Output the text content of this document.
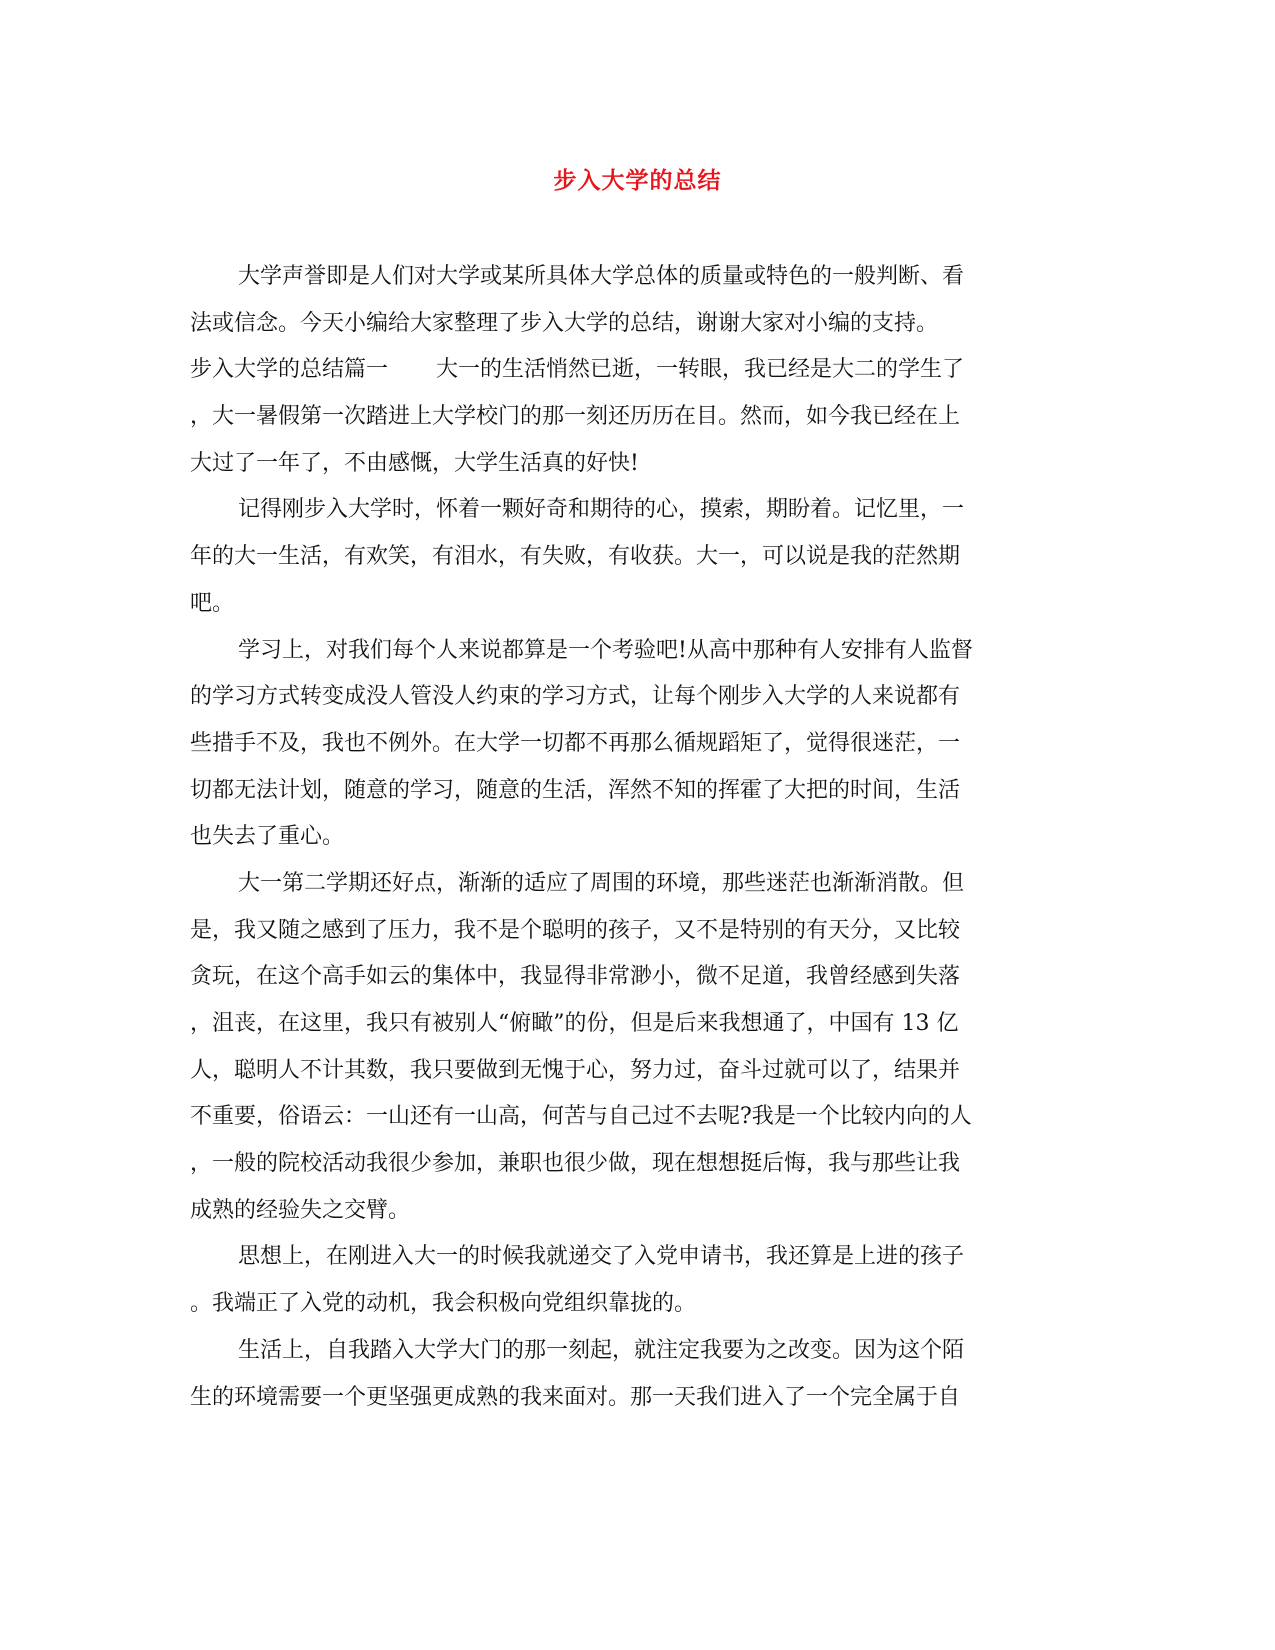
步入大学的总结
大学声誉即是人们对大学或某所具体大学总体的质量或特色的一般判断、看
法或信念。今天小编给大家整理了步入大学的总结，谢谢大家对小编的支持。
步入大学的总结篇一 大一的生活悄然已逝，一转眼，我已经是大二的学生了
，大一暑假第一次踏进上大学校门的那一刻还历历在目。然而，如今我已经在上
大过了一年了，不由感慨，大学生活真的好快!
记得刚步入大学时，怀着一颗好奇和期待的心，摸索，期盼着。记忆里，一
年的大一生活，有欢笑，有泪水，有失败，有收获。大一，可以说是我的茫然期
吧。
学习上，对我们每个人来说都算是一个考验吧!从高中那种有人安排有人监督
的学习方式转变成没人管没人约束的学习方式，让每个刚步入大学的人来说都有
些措手不及，我也不例外。在大学一切都不再那么循规蹈矩了，觉得很迷茫，一
切都无法计划，随意的学习，随意的生活，浑然不知的挥霍了大把的时间，生活
也失去了重心。
大一第二学期还好点，渐渐的适应了周围的环境，那些迷茫也渐渐消散。但
是，我又随之感到了压力，我不是个聪明的孩子，又不是特别的有天分，又比较
贪玩，在这个高手如云的集体中，我显得非常渺小，微不足道，我曾经感到失落
，沮丧，在这里，我只有被别人“俯瞰”的份，但是后来我想通了，中国有 13 亿
人，聪明人不计其数，我只要做到无愧于心，努力过，奋斗过就可以了，结果并
不重要，俗语云：一山还有一山高，何苦与自己过不去呢?我是一个比较内向的人
，一般的院校活动我很少参加，兼职也很少做，现在想想挺后悔，我与那些让我
成熟的经验失之交臂。
思想上，在刚进入大一的时候我就递交了入党申请书，我还算是上进的孩子
。我端正了入党的动机，我会积极向党组织靠拢的。
生活上，自我踏入大学大门的那一刻起，就注定我要为之改变。因为这个陌
生的环境需要一个更坚强更成熟的我来面对。那一天我们进入了一个完全属于自
